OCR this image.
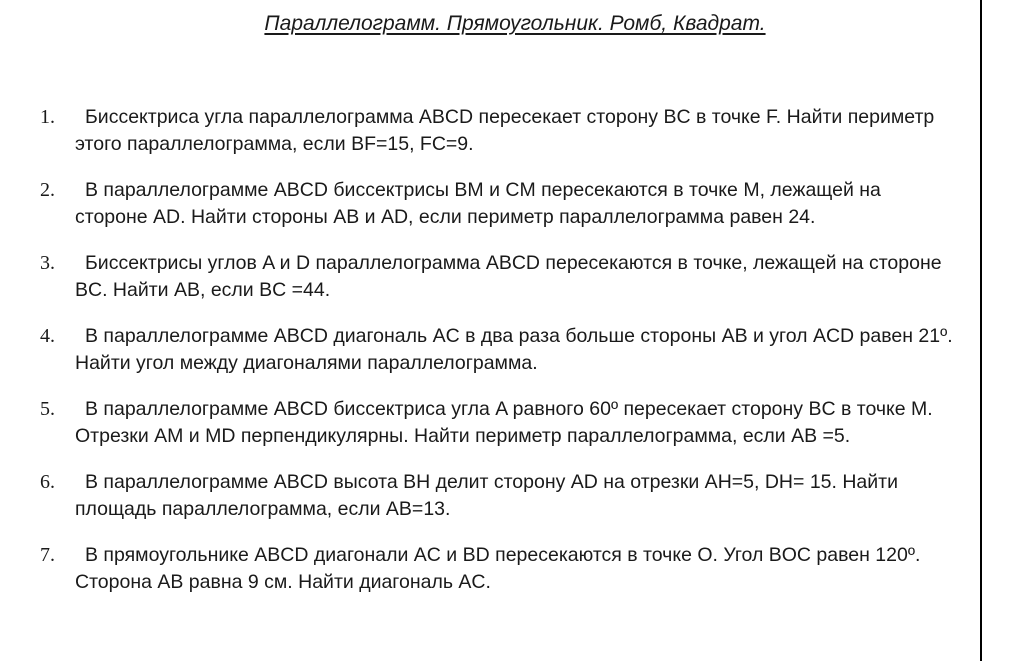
Параллелограмм. Прямоугольник. Ромб, Квадрат.
1. Биссектриса угла параллелограмма ABCD пересекает сторону BC в точке F. Найти периметр этого параллелограмма, если BF=15, FC=9.
2. В параллелограмме ABCD биссектрисы BM и CM пересекаются в точке M, лежащей на стороне AD. Найти стороны AB и AD, если периметр параллелограмма равен 24.
3. Биссектрисы углов A и D параллелограмма ABCD пересекаются в точке, лежащей на стороне BC. Найти AB, если BC =44.
4. В параллелограмме ABCD диагональ AC в два раза больше стороны AB и угол ACD равен 21º. Найти угол между диагоналями параллелограмма.
5. В параллелограмме ABCD биссектриса угла A равного 60º пересекает сторону BC в точке M. Отрезки AM и MD перпендикулярны. Найти периметр параллелограмма, если AB =5.
6. В параллелограмме ABCD высота BH делит сторону AD на отрезки AH=5, DH= 15. Найти площадь параллелограмма, если AB=13.
7. В прямоугольнике ABCD диагонали AC и BD пересекаются в точке O. Угол BOC равен 120º. Сторона AB равна 9 см. Найти диагональ AC.
